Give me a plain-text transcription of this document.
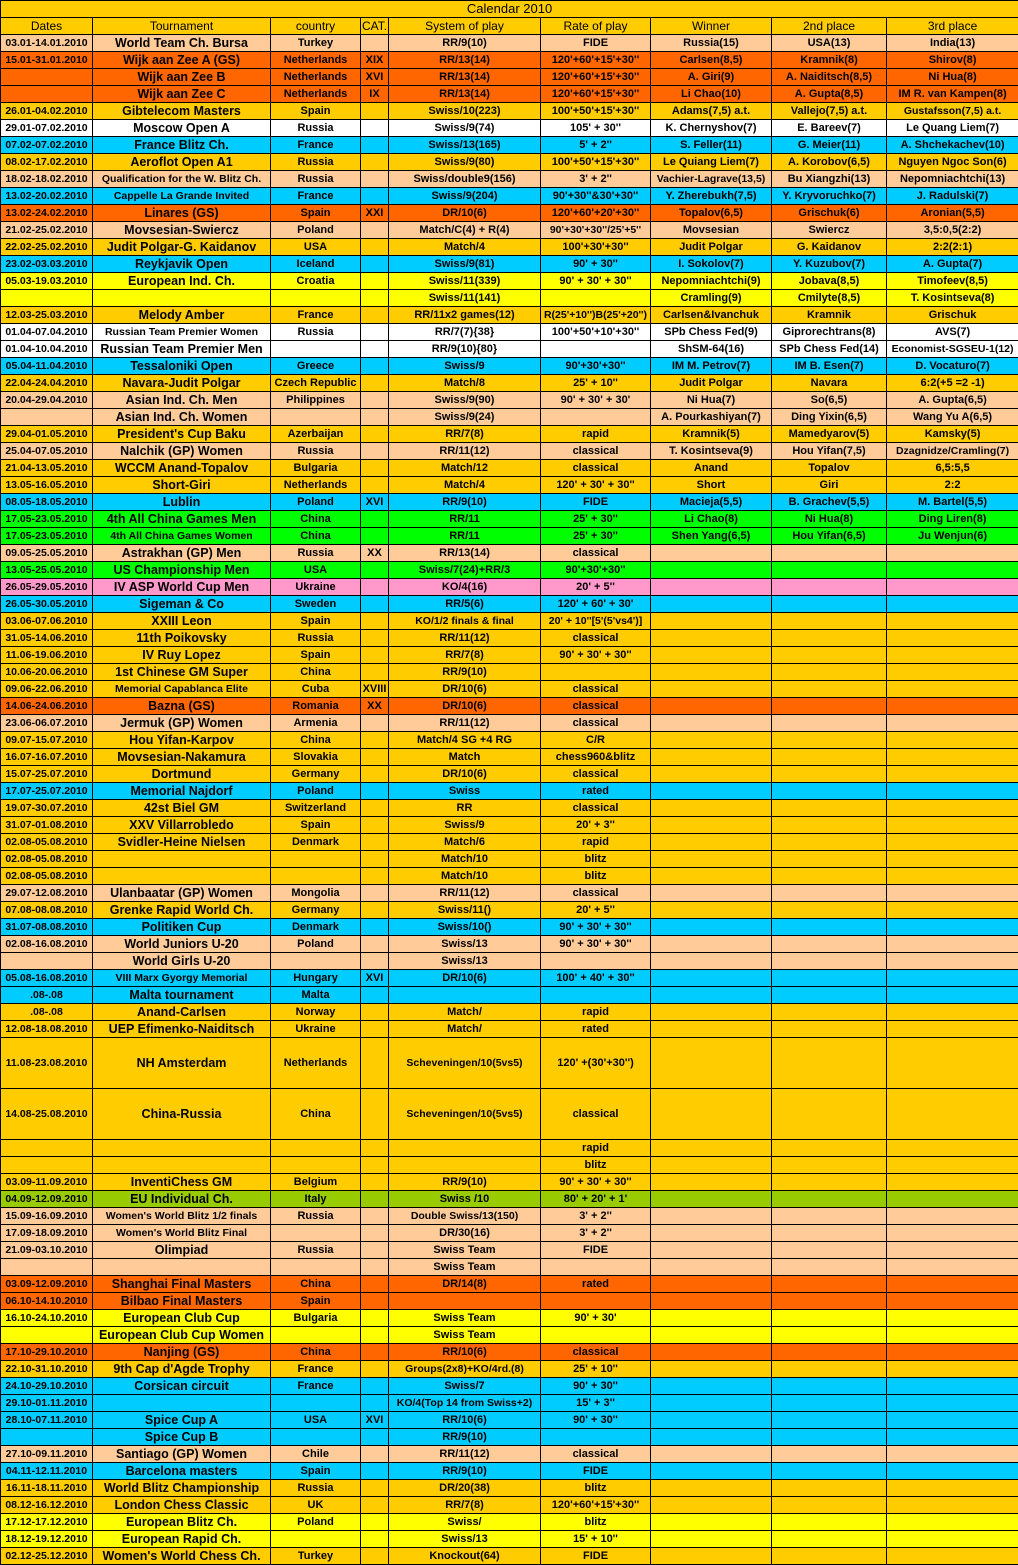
Calendar 2010								
Dates	Tournament	country	CAT.	System of play	Rate of play	Winner	2nd place	3rd place
03.01-14.01.2010	World Team Ch. Bursa	Turkey		RR/9(10)	FIDE	Russia(15)	USA(13)	India(13)
15.01-31.01.2010	Wijk aan Zee A (GS)	Netherlands	XIX	RR/13(14)	120'+60'+15'+30''	Carlsen(8,5)	Kramnik(8)	Shirov(8)
	Wijk aan Zee B	Netherlands	XVI	RR/13(14)	120'+60'+15'+30''	A. Giri(9)	A. Naiditsch(8,5)	Ni Hua(8)
	Wijk aan Zee C	Netherlands	IX	RR/13(14)	120'+60'+15'+30''	Li Chao(10)	A. Gupta(8,5)	IM R. van Kampen(8)
26.01-04.02.2010	Gibtelecom Masters	Spain		Swiss/10(223)	100'+50'+15'+30''	Adams(7,5) a.t.	Vallejo(7,5) a.t.	Gustafsson(7,5) a.t.
29.01-07.02.2010	Moscow Open A	Russia		Swiss/9(74)	105' + 30''	K. Chernyshov(7)	E. Bareev(7)	Le Quang Liem(7)
07.02-07.02.2010	France Blitz Ch.	France		Swiss/13(165)	5' + 2''	S. Feller(11)	G. Meier(11)	A. Shchekachev(10)
08.02-17.02.2010	Aeroflot Open A1	Russia		Swiss/9(80)	100'+50'+15'+30''	Le Quiang Liem(7)	A. Korobov(6,5)	Nguyen Ngoc Son(6)
18.02-18.02.2010	Qualification for the W. Blitz Ch.	Russia		Swiss/double9(156)	3' + 2''	Vachier-Lagrave(13,5)	Bu Xiangzhi(13)	Nepomniachtchi(13)
13.02-20.02.2010	Cappelle La Grande Invited	France		Swiss/9(204)	90'+30''&30'+30''	Y. Zherebukh(7,5)	Y. Kryvoruchko(7)	J. Radulski(7)
13.02-24.02.2010	Linares (GS)	Spain	XXI	DR/10(6)	120'+60'+20'+30''	Topalov(6,5)	Grischuk(6)	Aronian(5,5)
21.02-25.02.2010	Movsesian-Swiercz	Poland		Match/C(4) + R(4)	90'+30'+30''/25'+5''	Movsesian	Swiercz	3,5:0,5(2:2)
22.02-25.02.2010	Judit Polgar-G. Kaidanov	USA		Match/4	100'+30'+30''	Judit Polgar	G. Kaidanov	2:2(2:1)
23.02-03.03.2010	Reykjavik Open	Iceland		Swiss/9(81)	90' + 30''	I. Sokolov(7)	Y. Kuzubov(7)	A. Gupta(7)
05.03-19.03.2010	European Ind. Ch.	Croatia		Swiss/11(339)	90' + 30' + 30''	Nepomniachtchi(9)	Jobava(8,5)	Timofeev(8,5)
				Swiss/11(141)		Cramling(9)	Cmilyte(8,5)	T. Kosintseva(8)
12.03-25.03.2010	Melody Amber	France		RR/11x2 games(12)	R(25'+10'')B(25'+20'')	Carlsen&Ivanchuk	Kramnik	Grischuk
01.04-07.04.2010	Russian Team Premier Women	Russia		RR/7(7){38}	100'+50'+10'+30''	SPb Chess Fed(9)	Giprorechtrans(8)	AVS(7)
01.04-10.04.2010	Russian Team Premier Men			RR/9(10){80}		ShSM-64(16)	SPb Chess Fed(14)	Economist-SGSEU-1(12)
05.04-11.04.2010	Tessaloniki Open	Greece		Swiss/9	90'+30'+30''	IM M. Petrov(7)	IM B. Esen(7)	D. Vocaturo(7)
22.04-24.04.2010	Navara-Judit Polgar	Czech Republic		Match/8	25' + 10''	Judit Polgar	Navara	6:2(+5 =2 -1)
20.04-29.04.2010	Asian Ind. Ch. Men	Philippines		Swiss/9(90)	90' + 30' + 30'	Ni Hua(7)	So(6,5)	A. Gupta(6,5)
	Asian Ind. Ch. Women			Swiss/9(24)		A. Pourkashiyan(7)	Ding Yixin(6,5)	Wang Yu A(6,5)
29.04-01.05.2010	President's Cup Baku	Azerbaijan		RR/7(8)	rapid	Kramnik(5)	Mamedyarov(5)	Kamsky(5)
25.04-07.05.2010	Nalchik (GP) Women	Russia		RR/11(12)	classical	T. Kosintseva(9)	Hou Yifan(7,5)	Dzagnidze/Cramling(7)
21.04-13.05.2010	WCCM Anand-Topalov	Bulgaria		Match/12	classical	Anand	Topalov	6,5:5,5
13.05-16.05.2010	Short-Giri	Netherlands		Match/4	120' + 30' + 30''	Short	Giri	2:2
08.05-18.05.2010	Lublin	Poland	XVI	RR/9(10)	FIDE	Macieja(5,5)	B. Grachev(5,5)	M. Bartel(5,5)
17.05-23.05.2010	4th All China Games Men	China		RR/11	25' + 30''	Li Chao(8)	Ni Hua(8)	Ding Liren(8)
17.05-23.05.2010	4th All China Games Women	China		RR/11	25' + 30''	Shen Yang(6,5)	Hou Yifan(6,5)	Ju Wenjun(6)
09.05-25.05.2010	Astrakhan (GP) Men	Russia	XX	RR/13(14)	classical			
13.05-25.05.2010	US Championship Men	USA		Swiss/7(24)+RR/3	90'+30'+30''			
26.05-29.05.2010	IV ASP World Cup Men	Ukraine		KO/4(16)	20' + 5''			
26.05-30.05.2010	Sigeman & Co	Sweden		RR/5(6)	120' + 60' + 30'			
03.06-07.06.2010	XXIII Leon	Spain		KO/1/2 finals & final	20' + 10''[5'(5'vs4')]			
31.05-14.06.2010	11th Poikovsky	Russia		RR/11(12)	classical			
11.06-19.06.2010	IV Ruy Lopez	Spain		RR/7(8)	90' + 30' + 30''			
10.06-20.06.2010	1st Chinese GM Super	China		RR/9(10)				
09.06-22.06.2010	Memorial Capablanca Elite	Cuba	XVIII	DR/10(6)	classical			
14.06-24.06.2010	Bazna (GS)	Romania	XX	DR/10(6)	classical			
23.06-06.07.2010	Jermuk (GP) Women	Armenia		RR/11(12)	classical			
09.07-15.07.2010	Hou Yifan-Karpov	China		Match/4 SG +4 RG	C/R			
16.07-16.07.2010	Movsesian-Nakamura	Slovakia		Match	chess960&blitz			
15.07-25.07.2010	Dortmund	Germany		DR/10(6)	classical			
17.07-25.07.2010	Memorial Najdorf	Poland		Swiss	rated			
19.07-30.07.2010	42st Biel GM	Switzerland		RR	classical			
31.07-01.08.2010	XXV Villarrobledo	Spain		Swiss/9	20' + 3''			
02.08-05.08.2010	Svidler-Heine Nielsen	Denmark		Match/6	rapid			
02.08-05.08.2010				Match/10	blitz			
02.08-05.08.2010				Match/10	blitz			
29.07-12.08.2010	Ulanbaatar (GP) Women	Mongolia		RR/11(12)	classical			
07.08-08.08.2010	Grenke Rapid World Ch.	Germany		Swiss/11()	20' + 5''			
31.07-08.08.2010	Politiken Cup	Denmark		Swiss/10()	90' + 30' + 30''			
02.08-16.08.2010	World Juniors U-20	Poland		Swiss/13	90' + 30' + 30''			
	World Girls U-20			Swiss/13				
05.08-16.08.2010	VIII Marx Gyorgy Memorial	Hungary	XVI	DR/10(6)	100' + 40' + 30''			
.08-.08	Malta tournament	Malta						
.08-.08	Anand-Carlsen	Norway		Match/	rapid			
12.08-18.08.2010	UEP Efimenko-Naiditsch	Ukraine		Match/	rated			
11.08-23.08.2010	NH Amsterdam	Netherlands		Scheveningen/10(5vs5)	120' +(30'+30'')			
14.08-25.08.2010	China-Russia	China		Scheveningen/10(5vs5)	classical			
					rapid			
					blitz			
03.09-11.09.2010	InventiChess GM	Belgium		RR/9(10)	90' + 30' + 30''			
04.09-12.09.2010	EU Individual Ch.	Italy		Swiss /10	80' + 20' + 1'			
15.09-16.09.2010	Women's World Blitz 1/2 finals	Russia		Double Swiss/13(150)	3' + 2''			
17.09-18.09.2010	Women's World Blitz Final			DR/30(16)	3' + 2''			
21.09-03.10.2010	Olimpiad	Russia		Swiss Team	FIDE			
				Swiss Team				
03.09-12.09.2010	Shanghai Final Masters	China		DR/14(8)	rated			
06.10-14.10.2010	Bilbao Final Masters	Spain						
16.10-24.10.2010	European Club Cup	Bulgaria		Swiss Team	90' + 30'			
	European Club Cup Women			Swiss Team				
17.10-29.10.2010	Nanjing (GS)	China		RR/10(6)	classical			
22.10-31.10.2010	9th Cap d'Agde Trophy	France		Groups(2x8)+KO/4rd.(8)	25' + 10''			
24.10-29.10.2010	Corsican circuit	France		Swiss/7	90' + 30''			
29.10-01.11.2010				KO/4(Top 14 from Swiss+2)	15' + 3''			
28.10-07.11.2010	Spice Cup A	USA	XVI	RR/10(6)	90' + 30''			
	Spice Cup B			RR/9(10)				
27.10-09.11.2010	Santiago (GP) Women	Chile		RR/11(12)	classical			
04.11-12.11.2010	Barcelona masters	Spain		RR/9(10)	FIDE			
16.11-18.11.2010	World Blitz Championship	Russia		DR/20(38)	blitz			
08.12-16.12.2010	London Chess Classic	UK		RR/7(8)	120'+60'+15'+30''			
17.12-17.12.2010	European Blitz Ch.	Poland		Swiss/	blitz			
18.12-19.12.2010	European Rapid Ch.			Swiss/13	15' + 10''			
02.12-25.12.2010	Women's World Chess Ch.	Turkey		Knockout(64)	FIDE			
